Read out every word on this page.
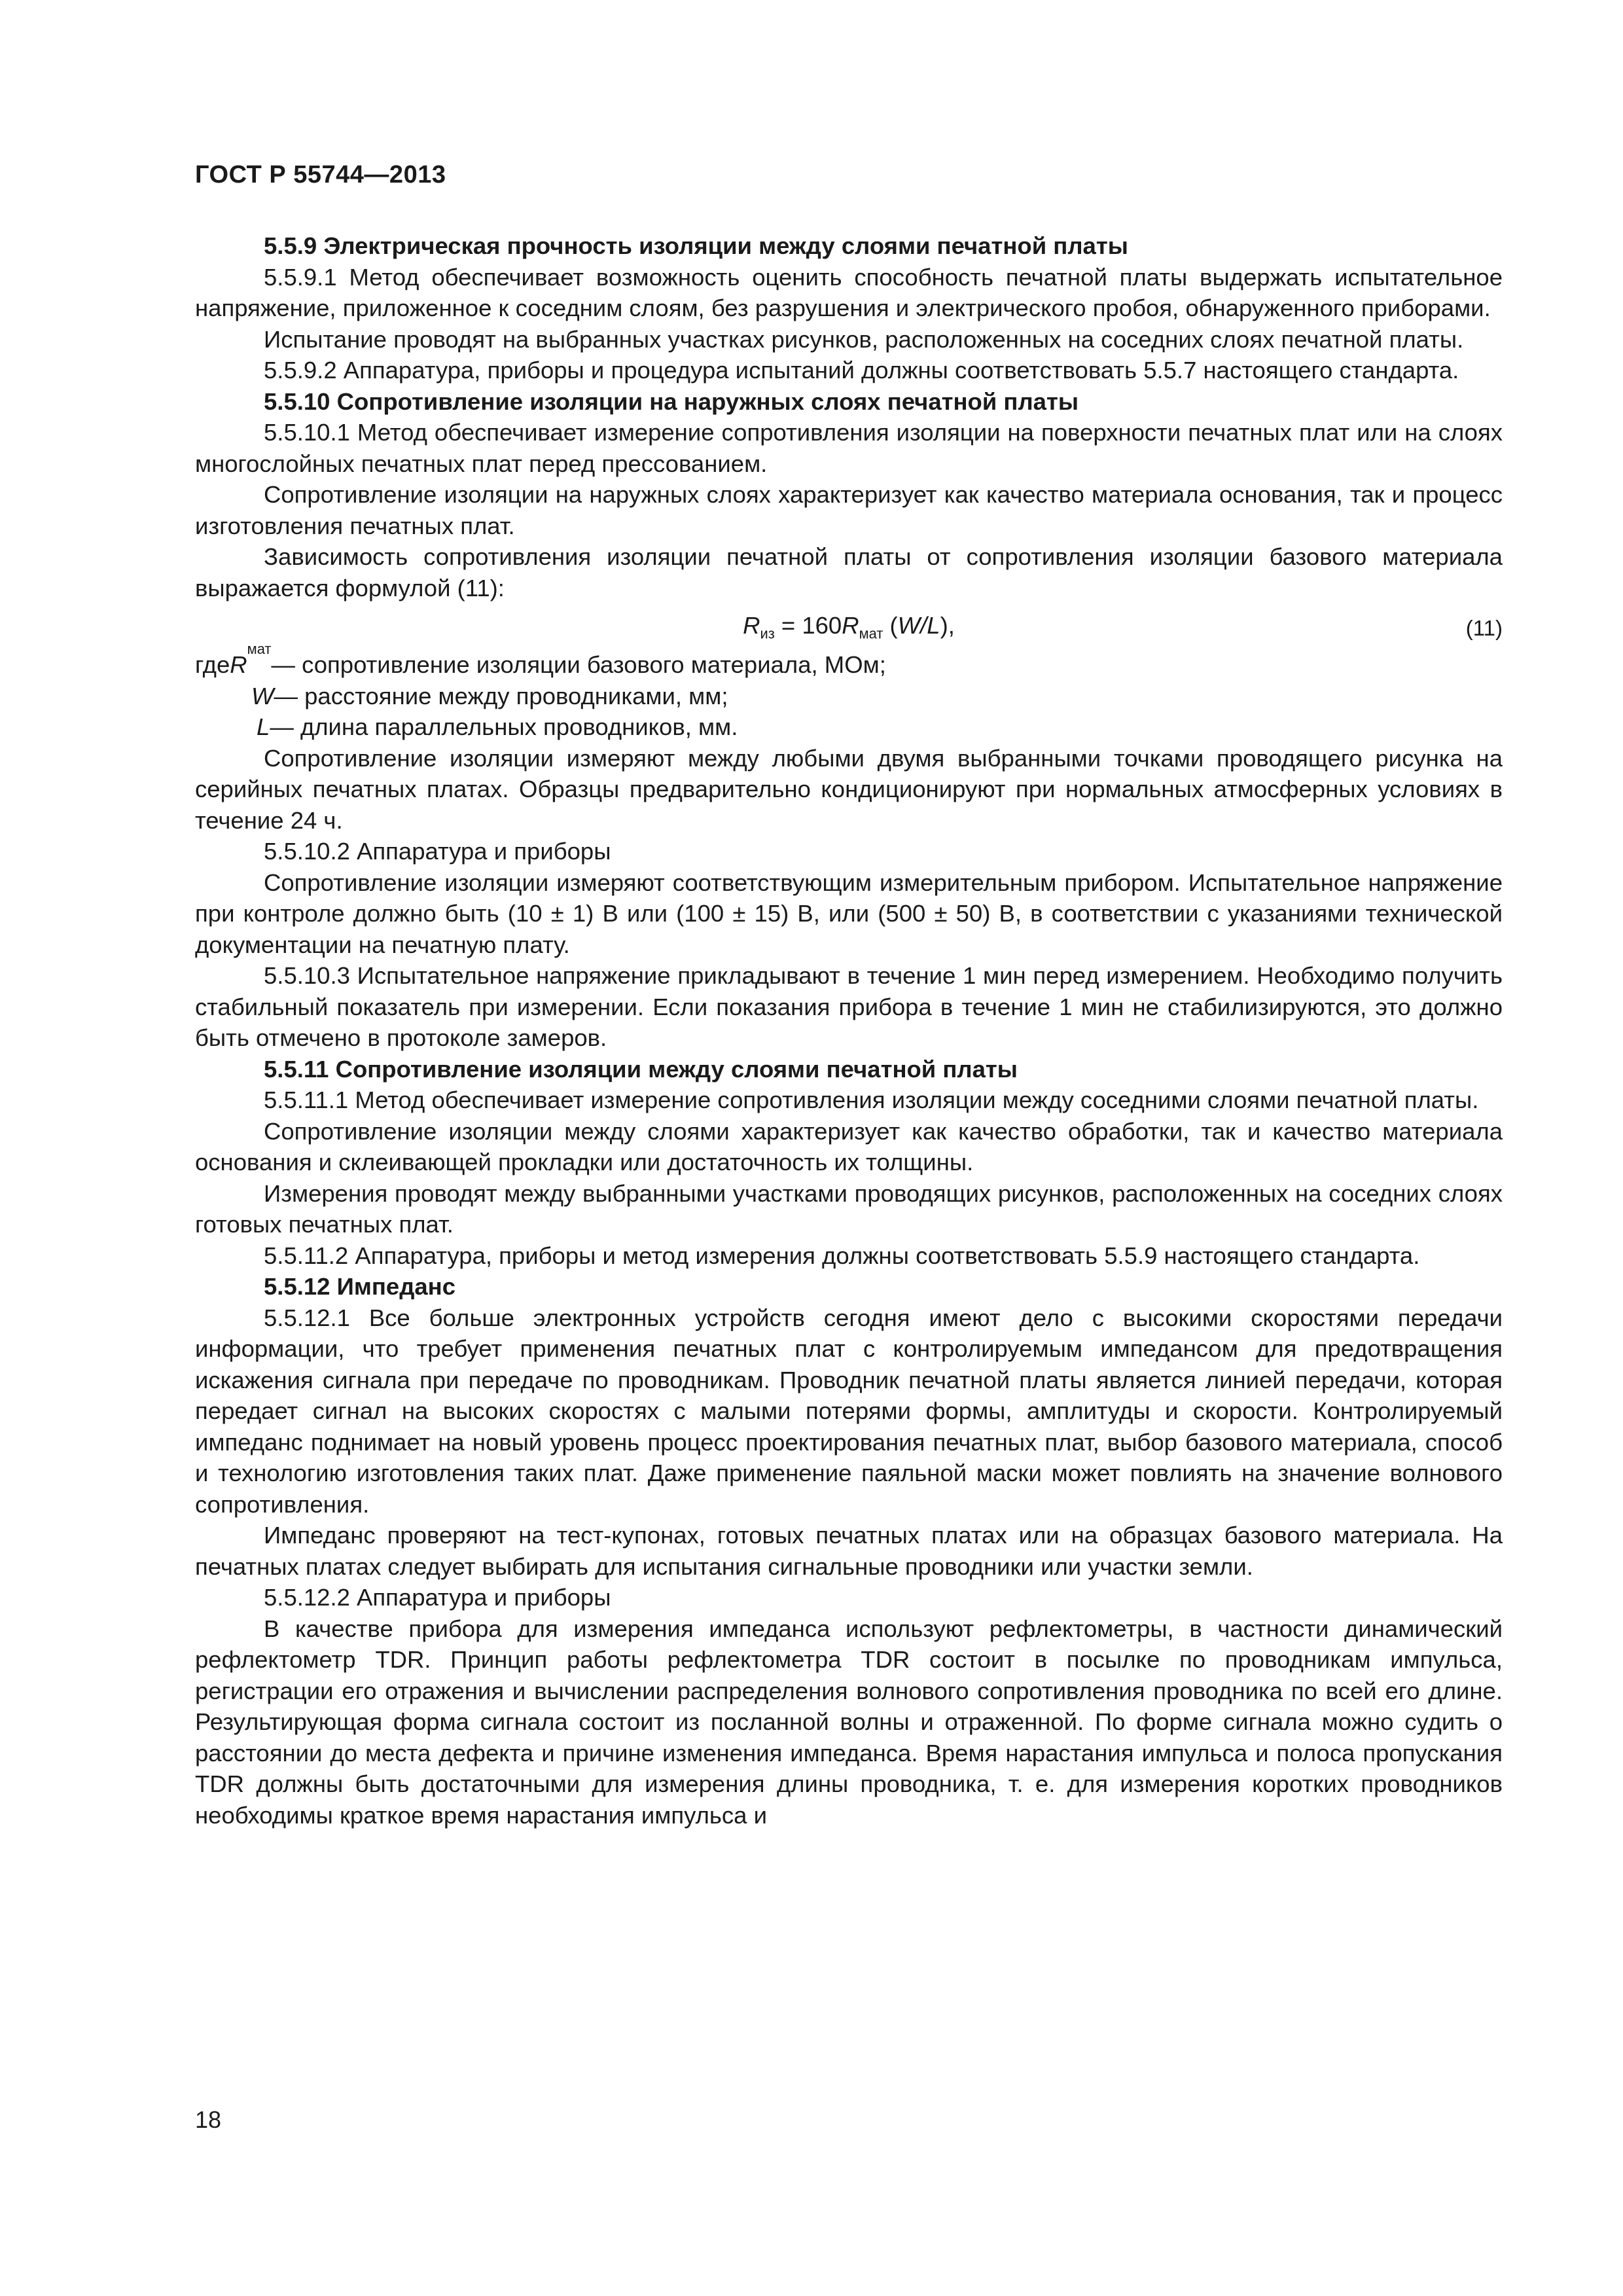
ГОСТ Р 55744—2013

5.5.9 Электрическая прочность изоляции между слоями печатной платы

5.5.9.1 Метод обеспечивает возможность оценить способность печатной платы выдержать испытательное напряжение, приложенное к соседним слоям, без разрушения и электрического пробоя, обнаруженного приборами.

Испытание проводят на выбранных участках рисунков, расположенных на соседних слоях печатной платы.

5.5.9.2 Аппаратура, приборы и процедура испытаний должны соответствовать 5.5.7 настоящего стандарта.

5.5.10 Сопротивление изоляции на наружных слоях печатной платы

5.5.10.1 Метод обеспечивает измерение сопротивления изоляции на поверхности печатных плат или на слоях многослойных печатных плат перед прессованием.

Сопротивление изоляции на наружных слоях характеризует как качество материала основания, так и процесс изготовления печатных плат.

Зависимость сопротивления изоляции печатной платы от сопротивления изоляции базового материала выражается формулой (11):

$R_{из} = 160R_{мат}$ (W/L),	(11)
где R
мат
— сопротивление изоляции базового материала, МОм;
W — расстояние между проводниками, мм;
L — длина параллельных проводников, мм.

Сопротивление изоляции измеряют между любыми двумя выбранными точками проводящего рисунка на серийных печатных платах. Образцы предварительно кондиционируют при нормальных атмосферных условиях в течение 24 ч.

5.5.10.2 Аппаратура и приборы

Сопротивление изоляции измеряют соответствующим измерительным прибором. Испытательное напряжение при контроле должно быть (10 ± 1) В или (100 ± 15) В, или (500 ± 50) В, в соответствии с указаниями технической документации на печатную плату.

5.5.10.3 Испытательное напряжение прикладывают в течение 1 мин перед измерением. Необходимо получить стабильный показатель при измерении. Если показания прибора в течение 1 мин не стабилизируются, это должно быть отмечено в протоколе замеров.

5.5.11 Сопротивление изоляции между слоями печатной платы

5.5.11.1 Метод обеспечивает измерение сопротивления изоляции между соседними слоями печатной платы.

Сопротивление изоляции между слоями характеризует как качество обработки, так и качество материала основания и склеивающей прокладки или достаточность их толщины.

Измерения проводят между выбранными участками проводящих рисунков, расположенных на соседних слоях готовых печатных плат.

5.5.11.2 Аппаратура, приборы и метод измерения должны соответствовать 5.5.9 настоящего стандарта.

5.5.12 Импеданс

5.5.12.1 Все больше электронных устройств сегодня имеют дело с высокими скоростями передачи информации, что требует применения печатных плат с контролируемым импедансом для предотвращения искажения сигнала при передаче по проводникам. Проводник печатной платы является линией передачи, которая передает сигнал на высоких скоростях с малыми потерями формы, амплитуды и скорости. Контролируемый импеданс поднимает на новый уровень процесс проектирования печатных плат, выбор базового материала, способ и технологию изготовления таких плат. Даже применение паяльной маски может повлиять на значение волнового сопротивления.

Импеданс проверяют на тест-купонах, готовых печатных платах или на образцах базового материала. На печатных платах следует выбирать для испытания сигнальные проводники или участки земли.

5.5.12.2 Аппаратура и приборы

В качестве прибора для измерения импеданса используют рефлектометры, в частности динамический рефлектометр TDR. Принцип работы рефлектометра TDR состоит в посылке по проводникам импульса, регистрации его отражения и вычислении распределения волнового сопротивления проводника по всей его длине. Результирующая форма сигнала состоит из посланной волны и отраженной. По форме сигнала можно судить о расстоянии до места дефекта и причине изменения импеданса. Время нарастания импульса и полоса пропускания TDR должны быть достаточными для измерения длины проводника, т. е. для измерения коротких проводников необходимы краткое время нарастания импульса и

18
